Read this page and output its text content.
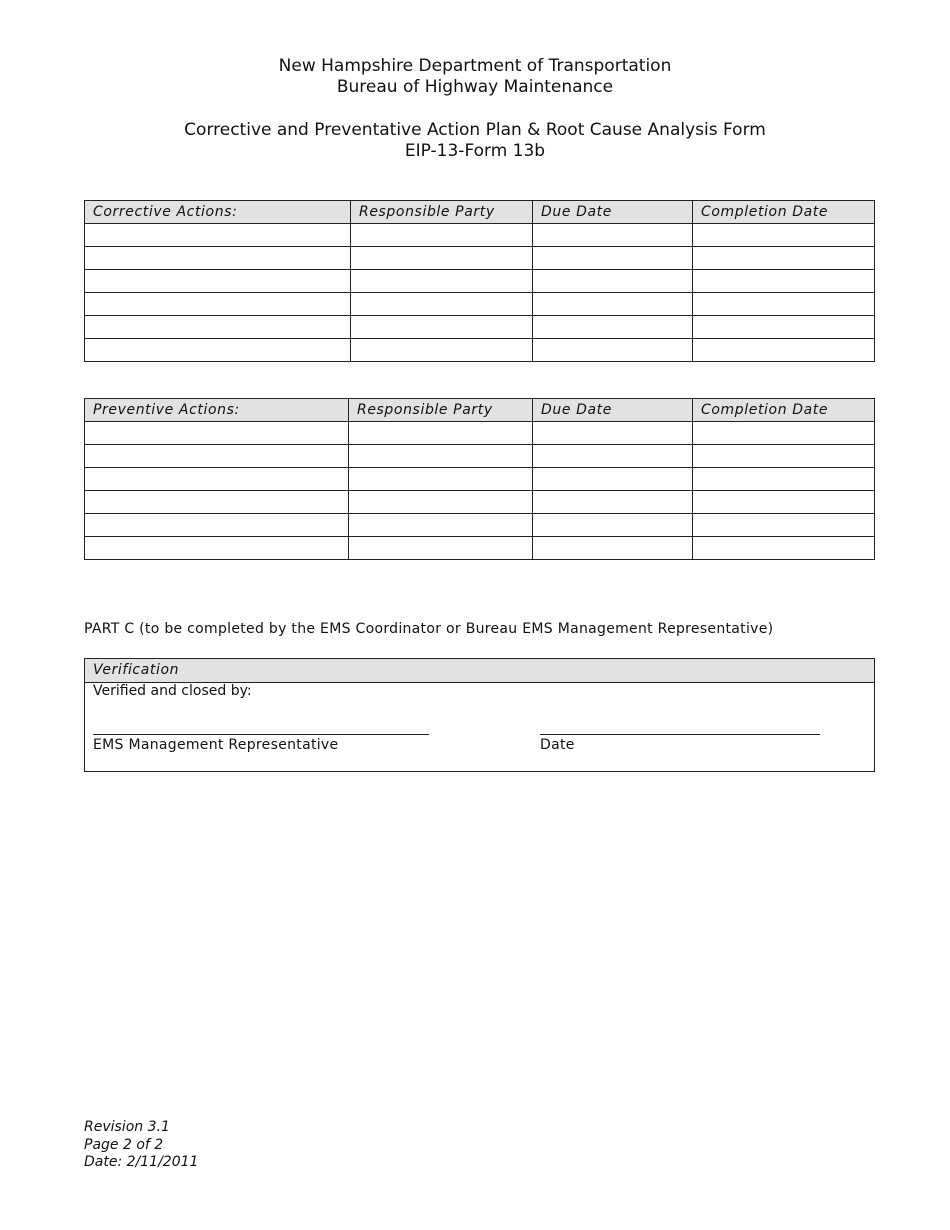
New Hampshire Department of Transportation
Bureau of Highway Maintenance
Corrective and Preventative Action Plan & Root Cause Analysis Form
EIP-13-Form 13b
Corrective Actions:	Responsible Party	Due Date	Completion Date

Preventive Actions:	Responsible Party	Due Date	Completion Date

PART C (to be completed by the EMS Coordinator or Bureau EMS Management Representative)
Verification
Verified and closed by:
EMS Management Representative	Date
Revision 3.1
Page 2 of 2
Date: 2/11/2011
